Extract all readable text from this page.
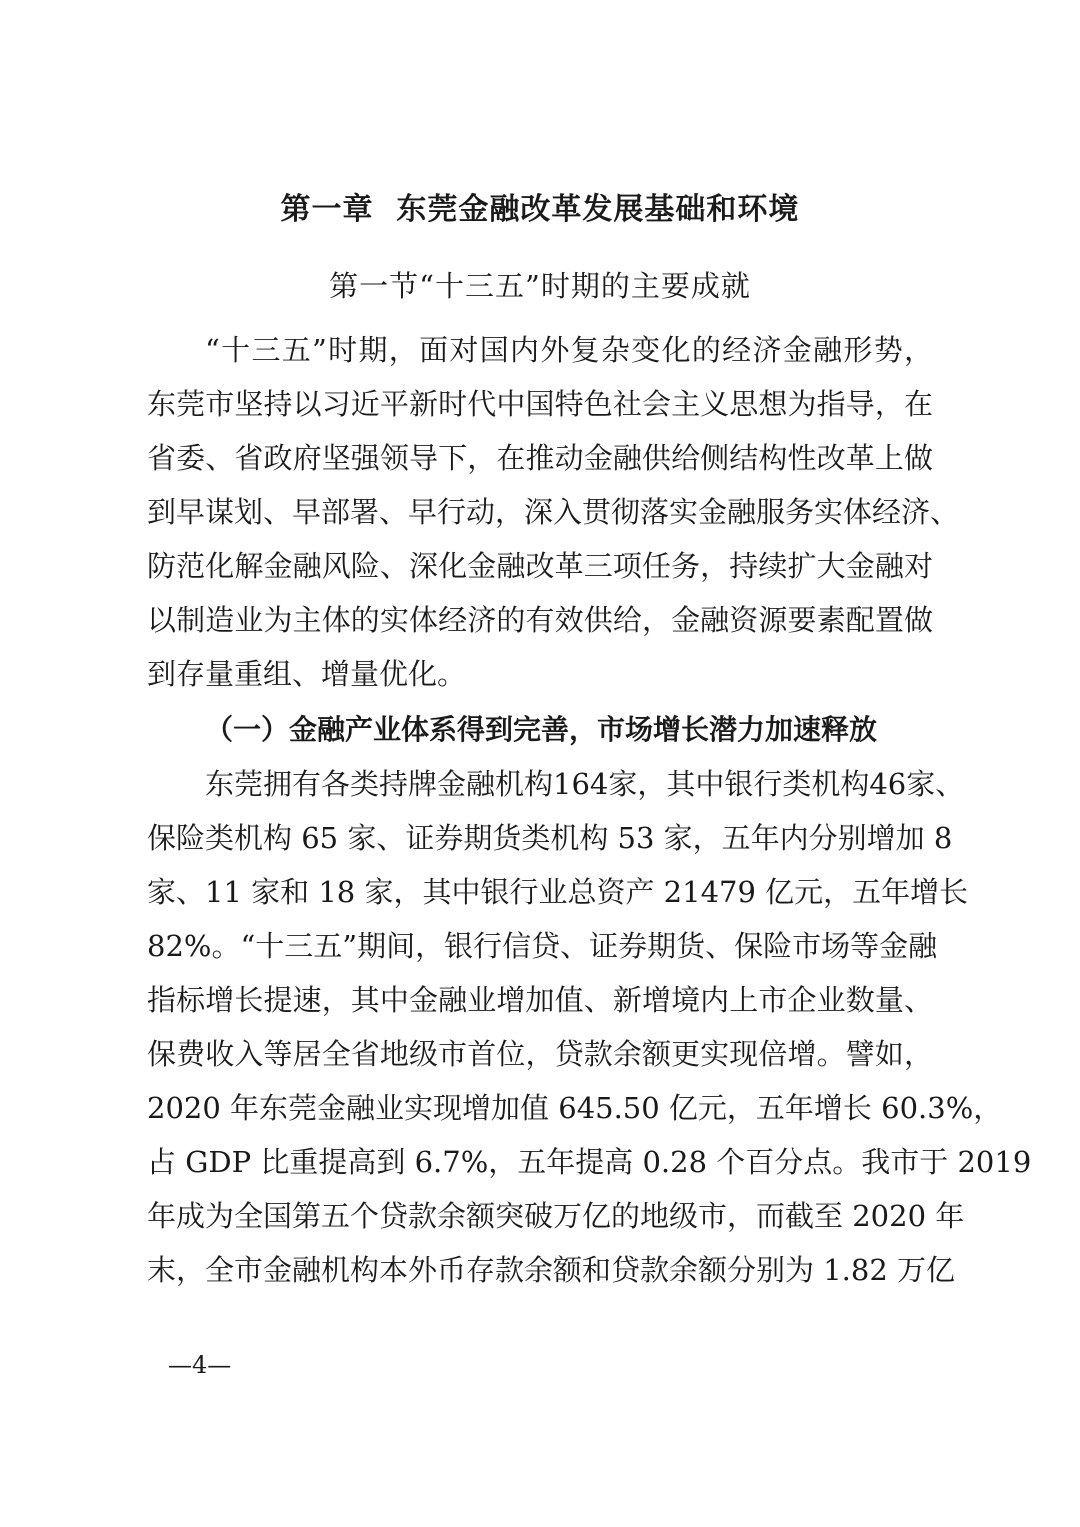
第一章  东莞金融改革发展基础和环境
第一节“十三五”时期的主要成就
“十三五”时期，面对国内外复杂变化的经济金融形势，
东莞市坚持以习近平新时代中国特色社会主义思想为指导，在
省委、省政府坚强领导下，在推动金融供给侧结构性改革上做
到早谋划、早部署、早行动，深入贯彻落实金融服务实体经济、
防范化解金融风险、深化金融改革三项任务，持续扩大金融对
以制造业为主体的实体经济的有效供给，金融资源要素配置做
到存量重组、增量优化。
（一）金融产业体系得到完善，市场增长潜力加速释放
东莞拥有各类持牌金融机构164家，其中银行类机构46家、
保险类机构 65 家、证券期货类机构 53 家，五年内分别增加 8
家、11 家和 18 家，其中银行业总资产 21479 亿元，五年增长
82%。“十三五”期间，银行信贷、证券期货、保险市场等金融
指标增长提速，其中金融业增加值、新增境内上市企业数量、
保费收入等居全省地级市首位，贷款余额更实现倍增。譬如，
2020 年东莞金融业实现增加值 645.50 亿元，五年增长 60.3%，
占 GDP 比重提高到 6.7%，五年提高 0.28 个百分点。我市于 2019
年成为全国第五个贷款余额突破万亿的地级市，而截至 2020 年
末，全市金融机构本外币存款余额和贷款余额分别为 1.82 万亿
—4—
